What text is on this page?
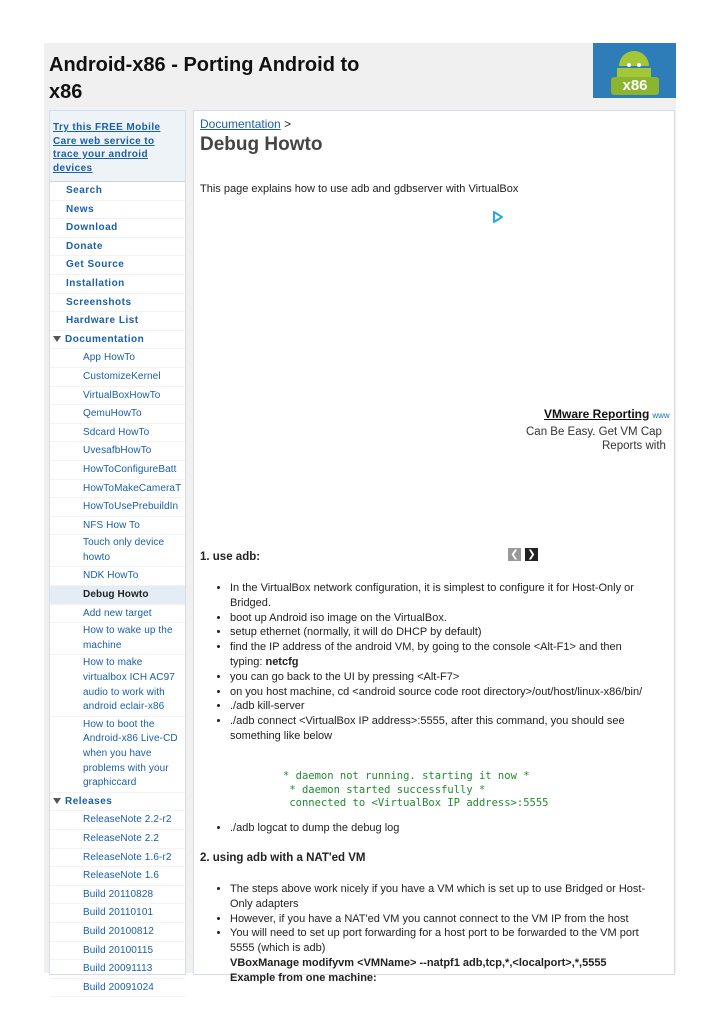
Android-x86 - Porting Android to x86	x86
Try this FREE Mobile Care web service to trace your android devices
Search
News
Download
Donate
Get Source
Installation
Screenshots
Hardware List
Documentation
App HowTo
CustomizeKernel
VirtualBoxHowTo
QemuHowTo
Sdcard HowTo
UvesafbHowTo
HowToConfigureBatt
HowToMakeCameraT
HowToUsePrebuildIn
NFS How To
Touch only device howto
NDK HowTo
Debug Howto
Add new target
How to wake up the machine
How to make virtualbox ICH AC97 audio to work with android eclair-x86
How to boot the Android-x86 Live-CD when you have problems with your graphiccard
Releases
ReleaseNote 2.2-r2
ReleaseNote 2.2
ReleaseNote 1.6-r2
ReleaseNote 1.6
Build 20110828
Build 20110101
Build 20100812
Build 20100115
Build 20091113
Build 20091024
Documentation >
Debug Howto
This page explains how to use adb and gdbserver with VirtualBox
VMware Reporting www
Can Be Easy. Get VM Cap
Reports with
❮ ❯
1. use adb:
• In the VirtualBox network configuration, it is simplest to configure it for Host-Only or Bridged.
• boot up Android iso image on the VirtualBox.
• setup ethernet (normally, it will do DHCP by default)
• find the IP address of the android VM, by going to the console <Alt-F1> and then typing: netcfg
• you can go back to the UI by pressing <Alt-F7>
• on you host machine, cd <android source code root directory>/out/host/linux-x86/bin/
• ./adb kill-server
• ./adb connect <VirtualBox IP address>:5555, after this command, you should see something like below
* daemon not running. starting it now *
* daemon started successfully *
connected to <VirtualBox IP address>:5555
• ./adb logcat to dump the debug log
2. using adb with a NAT'ed VM
• The steps above work nicely if you have a VM which is set up to use Bridged or Host-Only adapters
• However, if you have a NAT'ed VM you cannot connect to the VM IP from the host
• You will need to set up port forwarding for a host port to be forwarded to the VM port 5555 (which is adb)
VBoxManage modifyvm <VMName> --natpf1 adb,tcp,*,<localport>,*,5555
Example from one machine:
